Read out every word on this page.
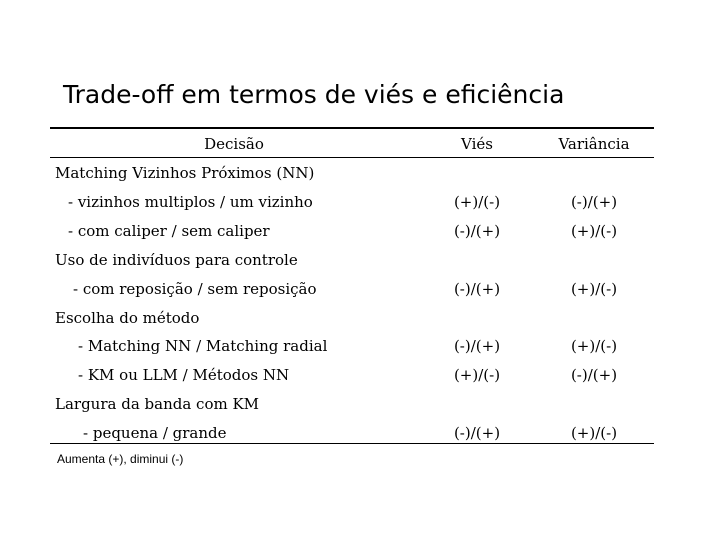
Trade-off em termos de viés e eficiência
Decisão	Viés	Variância
Matching Vizinhos Próximos (NN)
- vizinhos multiplos / um vizinho	(+)/(-)	(-)/(+)
- com caliper / sem caliper	(-)/(+)	(+)/(-)
Uso de indivíduos para controle
- com reposição / sem reposição	(-)/(+)	(+)/(-)
Escolha do método
- Matching NN / Matching radial	(-)/(+)	(+)/(-)
- KM ou LLM / Métodos NN	(+)/(-)	(-)/(+)
Largura da banda com KM
- pequena / grande	(-)/(+)	(+)/(-)
Aumenta (+), diminui (-)
